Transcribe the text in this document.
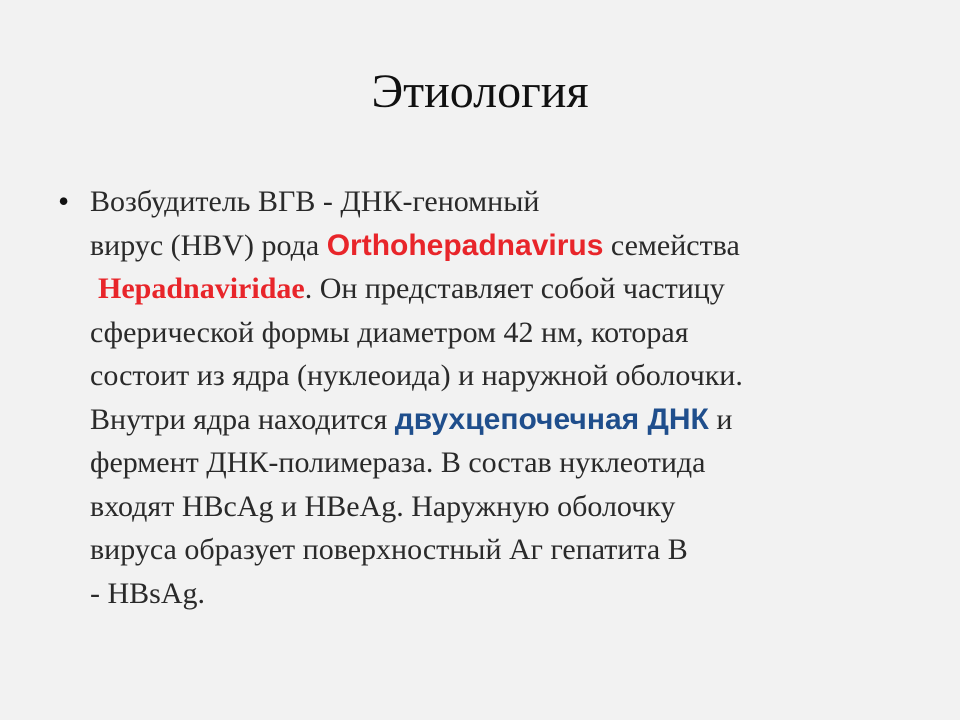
Этиология
• Возбудитель ВГВ - ДНК-геномный
вирус (HBV) рода Orthohepadnavirus семейства
Hepadnaviridae. Он представляет собой частицу
сферической формы диаметром 42 нм, которая
состоит из ядра (нуклеоида) и наружной оболочки.
Внутри ядра находится двухцепочечная ДНК и
фермент ДНК-полимераза. В состав нуклеотида
входят HBcAg и HBeAg. Наружную оболочку
вируса образует поверхностный Аг гепатита В
- HBsAg.
